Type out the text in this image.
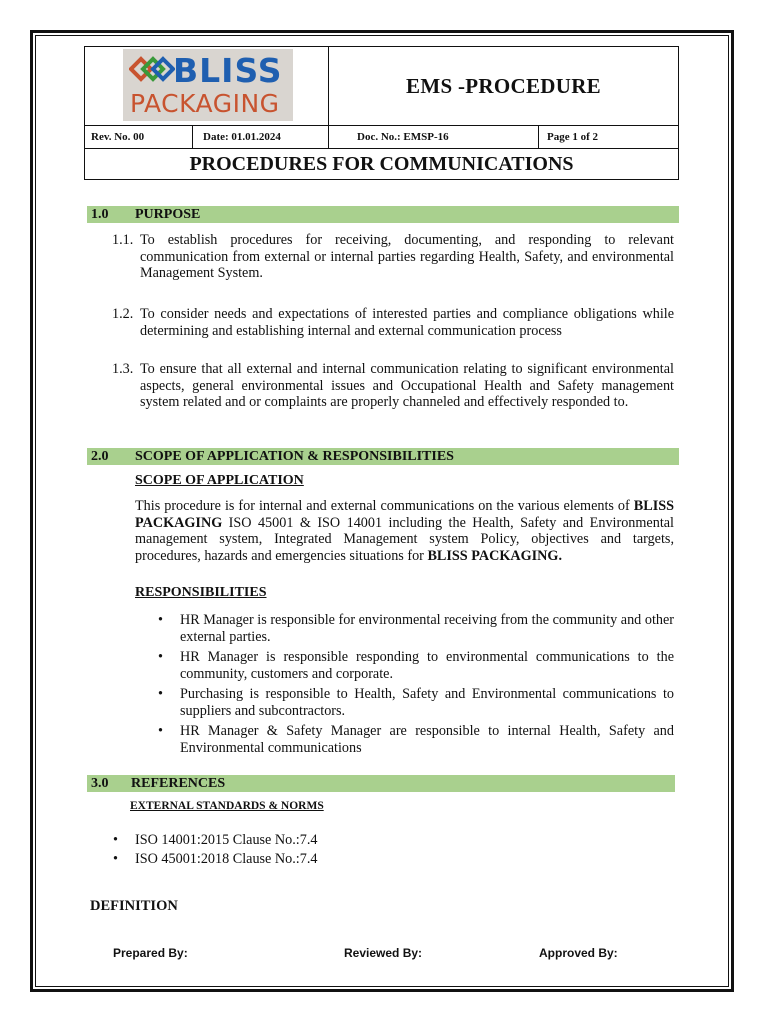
BLISS
PACKAGING
EMS -PROCEDURE
Rev. No. 00	Date: 01.01.2024	Doc. No.: EMSP-16	Page 1 of 2
PROCEDURES FOR COMMUNICATIONS
1.0 PURPOSE
1.1. To establish procedures for receiving, documenting, and responding to relevant communication from external or internal parties regarding Health, Safety, and environmental Management System.
1.2. To consider needs and expectations of interested parties and compliance obligations while determining and establishing internal and external communication process
1.3. To ensure that all external and internal communication relating to significant environmental aspects, general environmental issues and Occupational Health and Safety management system related and or complaints are properly channeled and effectively responded to.
2.0 SCOPE OF APPLICATION & RESPONSIBILITIES
SCOPE OF APPLICATION
This procedure is for internal and external communications on the various elements of BLISS PACKAGING ISO 45001 & ISO 14001 including the Health, Safety and Environmental management system, Integrated Management system Policy, objectives and targets, procedures, hazards and emergencies situations for BLISS PACKAGING.
RESPONSIBILITIES
• HR Manager is responsible for environmental receiving from the community and other external parties.
• HR Manager is responsible responding to environmental communications to the community, customers and corporate.
• Purchasing is responsible to Health, Safety and Environmental communications to suppliers and subcontractors.
• HR Manager & Safety Manager are responsible to internal Health, Safety and Environmental communications
3.0 REFERENCES
EXTERNAL STANDARDS & NORMS
• ISO 14001:2015 Clause No.:7.4
• ISO 45001:2018 Clause No.:7.4
DEFINITION
Prepared By:	Reviewed By:	Approved By:
